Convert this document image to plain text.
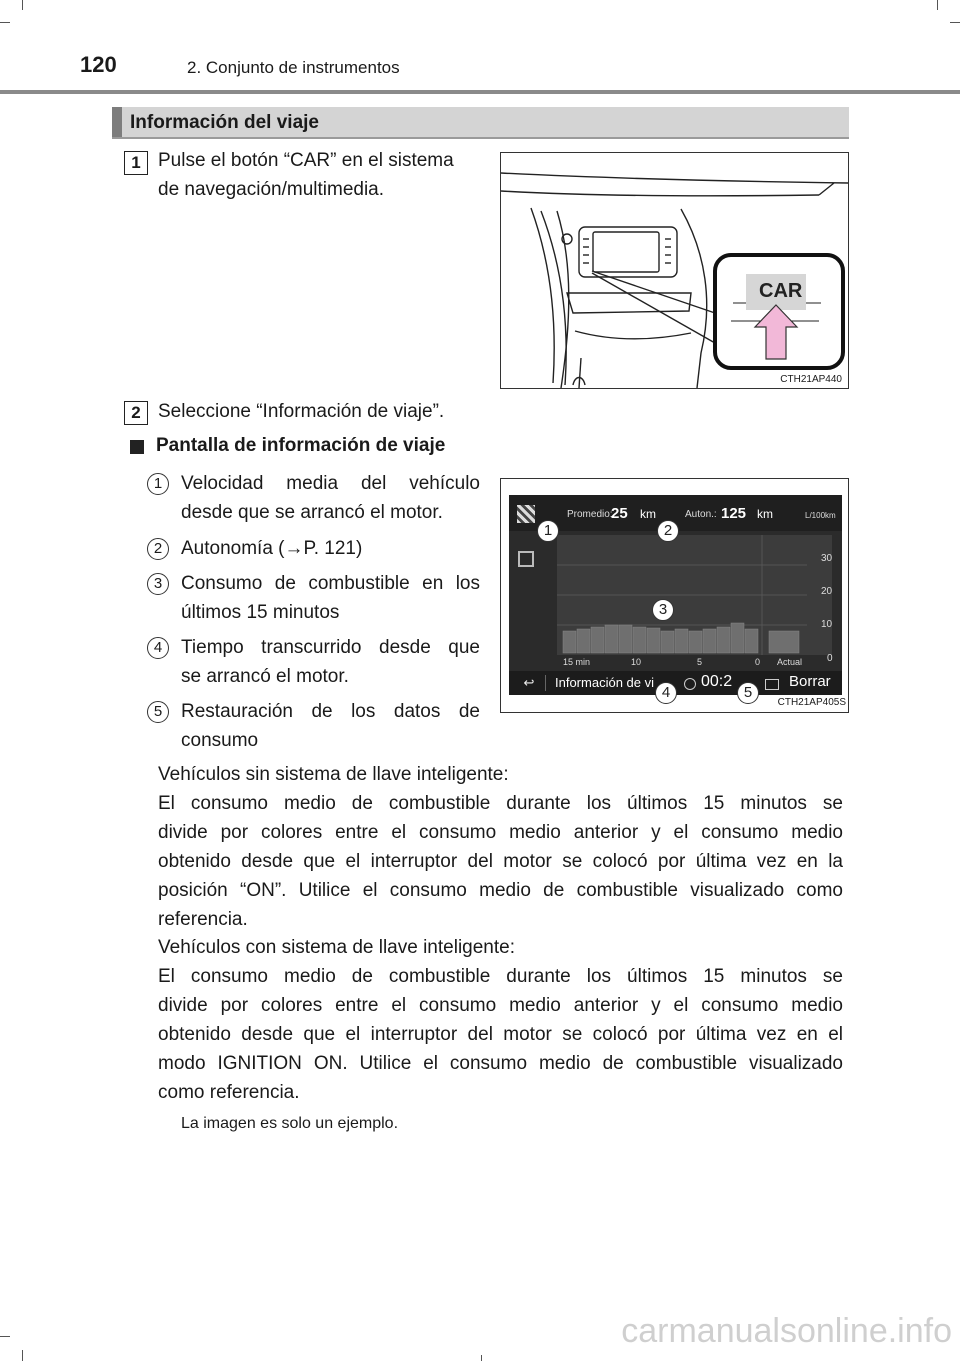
120	2. Conjunto de instrumentos
Información del viaje
1 Pulse el botón “CAR” en el sistema
de navegación/multimedia.
CAR
CTH21AP440
2 Seleccione “Información de viaje”.
Pantalla de información de viaje
1 Velocidad media del vehículo
desde que se arrancó el motor.
2 Autonomía (→P. 121)
3 Consumo de combustible en los
últimos 15 minutos
4 Tiempo transcurrido desde que
se arrancó el motor.
5 Restauración de los datos de
consumo
Promedio:
25 km	Auton.: 125 km	L/100km
30
20
10
0
15 min	10	5	0 Actual
↩	Información de vi	00:2	Borrar
1	2
3
4	5
CTH21AP405S
Vehículos sin sistema de llave inteligente:
El consumo medio de combustible durante los últimos 15 minutos se
divide por colores entre el consumo medio anterior y el consumo medio
obtenido desde que el interruptor del motor se colocó por última vez en la
posición “ON”. Utilice el consumo medio de combustible visualizado como
referencia.
Vehículos con sistema de llave inteligente:
El consumo medio de combustible durante los últimos 15 minutos se
divide por colores entre el consumo medio anterior y el consumo medio
obtenido desde que el interruptor del motor se colocó por última vez en el
modo IGNITION ON. Utilice el consumo medio de combustible visualizado
como referencia.
La imagen es solo un ejemplo.
carmanualsonline.info
